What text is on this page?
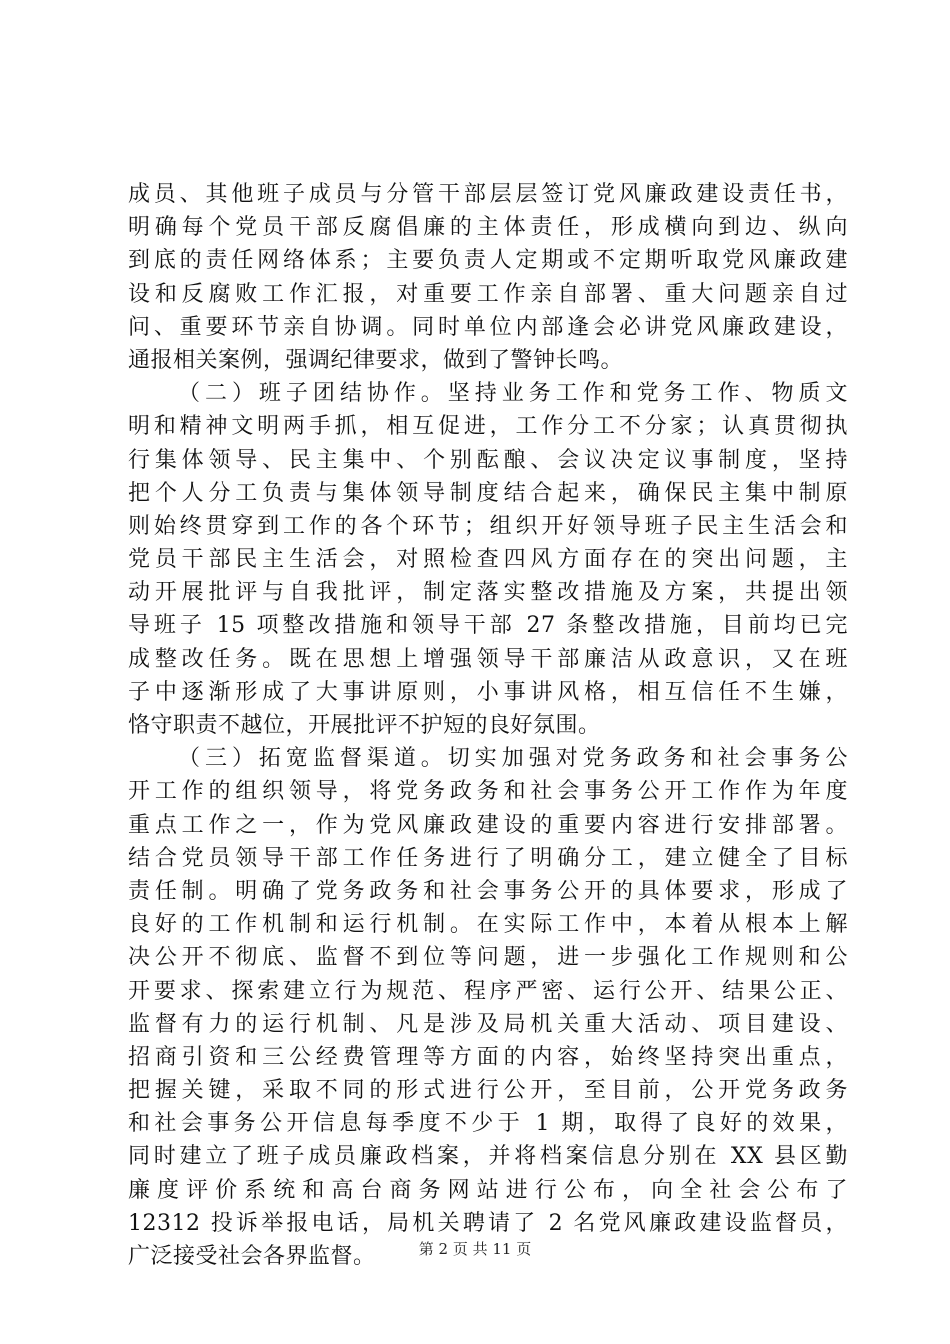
成员、其他班子成员与分管干部层层签订党风廉政建设责任书，
明确每个党员干部反腐倡廉的主体责任，形成横向到边、纵向
到底的责任网络体系；主要负责人定期或不定期听取党风廉政建
设和反腐败工作汇报，对重要工作亲自部署、重大问题亲自过
问、重要环节亲自协调。同时单位内部逢会必讲党风廉政建设，
通报相关案例，强调纪律要求，做到了警钟长鸣。
（二）班子团结协作。坚持业务工作和党务工作、物质文
明和精神文明两手抓，相互促进，工作分工不分家；认真贯彻执
行集体领导、民主集中、个别酝酿、会议决定议事制度，坚持
把个人分工负责与集体领导制度结合起来，确保民主集中制原
则始终贯穿到工作的各个环节；组织开好领导班子民主生活会和
党员干部民主生活会，对照检查四风方面存在的突出问题，主
动开展批评与自我批评，制定落实整改措施及方案，共提出领
导班子 15 项整改措施和领导干部 27 条整改措施，目前均已完
成整改任务。既在思想上增强领导干部廉洁从政意识，又在班
子中逐渐形成了大事讲原则，小事讲风格，相互信任不生嫌，
恪守职责不越位，开展批评不护短的良好氛围。
（三）拓宽监督渠道。切实加强对党务政务和社会事务公
开工作的组织领导，将党务政务和社会事务公开工作作为年度
重点工作之一，作为党风廉政建设的重要内容进行安排部署。
结合党员领导干部工作任务进行了明确分工，建立健全了目标
责任制。明确了党务政务和社会事务公开的具体要求，形成了
良好的工作机制和运行机制。在实际工作中，本着从根本上解
决公开不彻底、监督不到位等问题，进一步强化工作规则和公
开要求、探索建立行为规范、程序严密、运行公开、结果公正、
监督有力的运行机制、凡是涉及局机关重大活动、项目建设、
招商引资和三公经费管理等方面的内容，始终坚持突出重点，
把握关键，采取不同的形式进行公开，至目前，公开党务政务
和社会事务公开信息每季度不少于 1 期，取得了良好的效果，
同时建立了班子成员廉政档案，并将档案信息分别在 XX 县区勤
廉度评价系统和高台商务网站进行公布，向全社会公布了
12312 投诉举报电话，局机关聘请了 2 名党风廉政建设监督员，
广泛接受社会各界监督。	第 2 页 共 11 页
